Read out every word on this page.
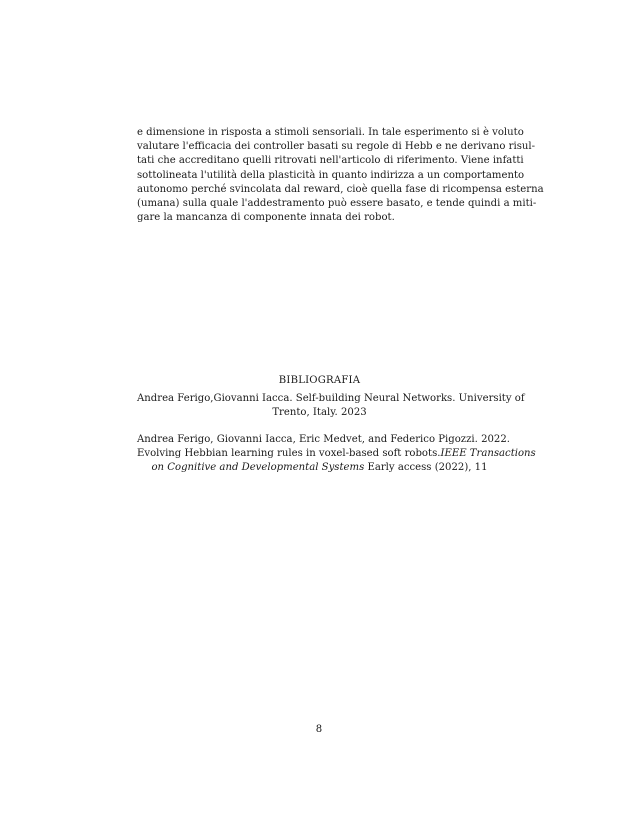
e dimensione in risposta a stimoli sensoriali. In tale esperimento si è voluto
valutare l'efficacia dei controller basati su regole di Hebb e ne derivano risul-
tati che accreditano quelli ritrovati nell'articolo di riferimento. Viene infatti
sottolineata l'utilità della plasticità in quanto indirizza a un comportamento
autonomo perché svincolata dal reward, cioè quella fase di ricompensa esterna
(umana) sulla quale l'addestramento può essere basato, e tende quindi a miti-
gare la mancanza di componente innata dei robot.
BIBLIOGRAFIA
Andrea Ferigo,Giovanni Iacca. Self-building Neural Networks. University of
Trento, Italy. 2023
Andrea Ferigo, Giovanni Iacca, Eric Medvet, and Federico Pigozzi. 2022.
Evolving Hebbian learning rules in voxel-based soft robots.IEEE Transactions
on Cognitive and Developmental Systems Early access (2022), 11
8
